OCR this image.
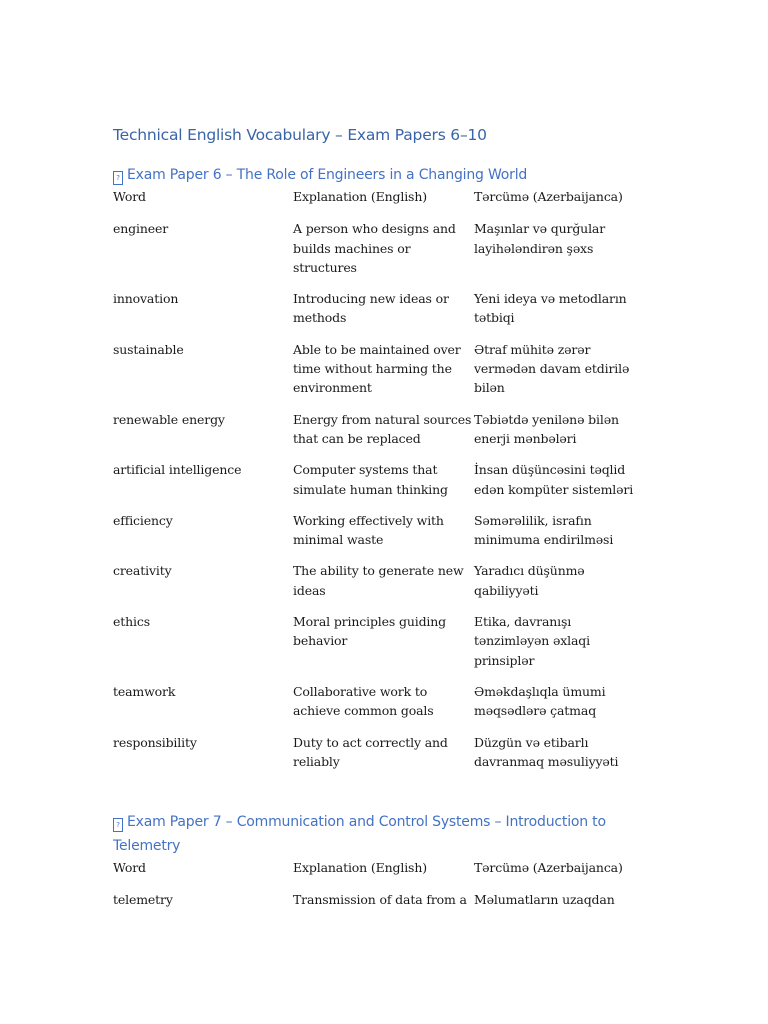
Technical English Vocabulary – Exam Papers 6–10
? Exam Paper 6 – The Role of Engineers in a Changing World
Word	Explanation (English)	Tərcümə (Azerbaijanca)
engineer	A person who designs and builds machines or structures	Maşınlar və qurğular layihələndirən şəxs
innovation	Introducing new ideas or methods	Yeni ideya və metodların tətbiqi
sustainable	Able to be maintained over time without harming the environment	Ətraf mühitə zərər vermədən davam etdirilə bilən
renewable energy	Energy from natural sources that can be replaced	Təbiətdə yenilənə bilən enerji mənbələri
artificial intelligence	Computer systems that simulate human thinking	İnsan düşüncəsini təqlid edən kompüter sistemləri
efficiency	Working effectively with minimal waste	Səmərəlilik, israfın minimuma endirilməsi
creativity	The ability to generate new ideas	Yaradıcı düşünmə qabiliyyəti
ethics	Moral principles guiding behavior	Etika, davranışı tənzimləyən əxlaqi prinsiplər
teamwork	Collaborative work to achieve common goals	Əməkdaşlıqla ümumi məqsədlərə çatmaq
responsibility	Duty to act correctly and reliably	Düzgün və etibarlı davranmaq məsuliyyəti
? Exam Paper 7 – Communication and Control Systems – Introduction to Telemetry
Word	Explanation (English)	Tərcümə (Azerbaijanca)
telemetry	Transmission of data from a	Məlumatların uzaqdan
